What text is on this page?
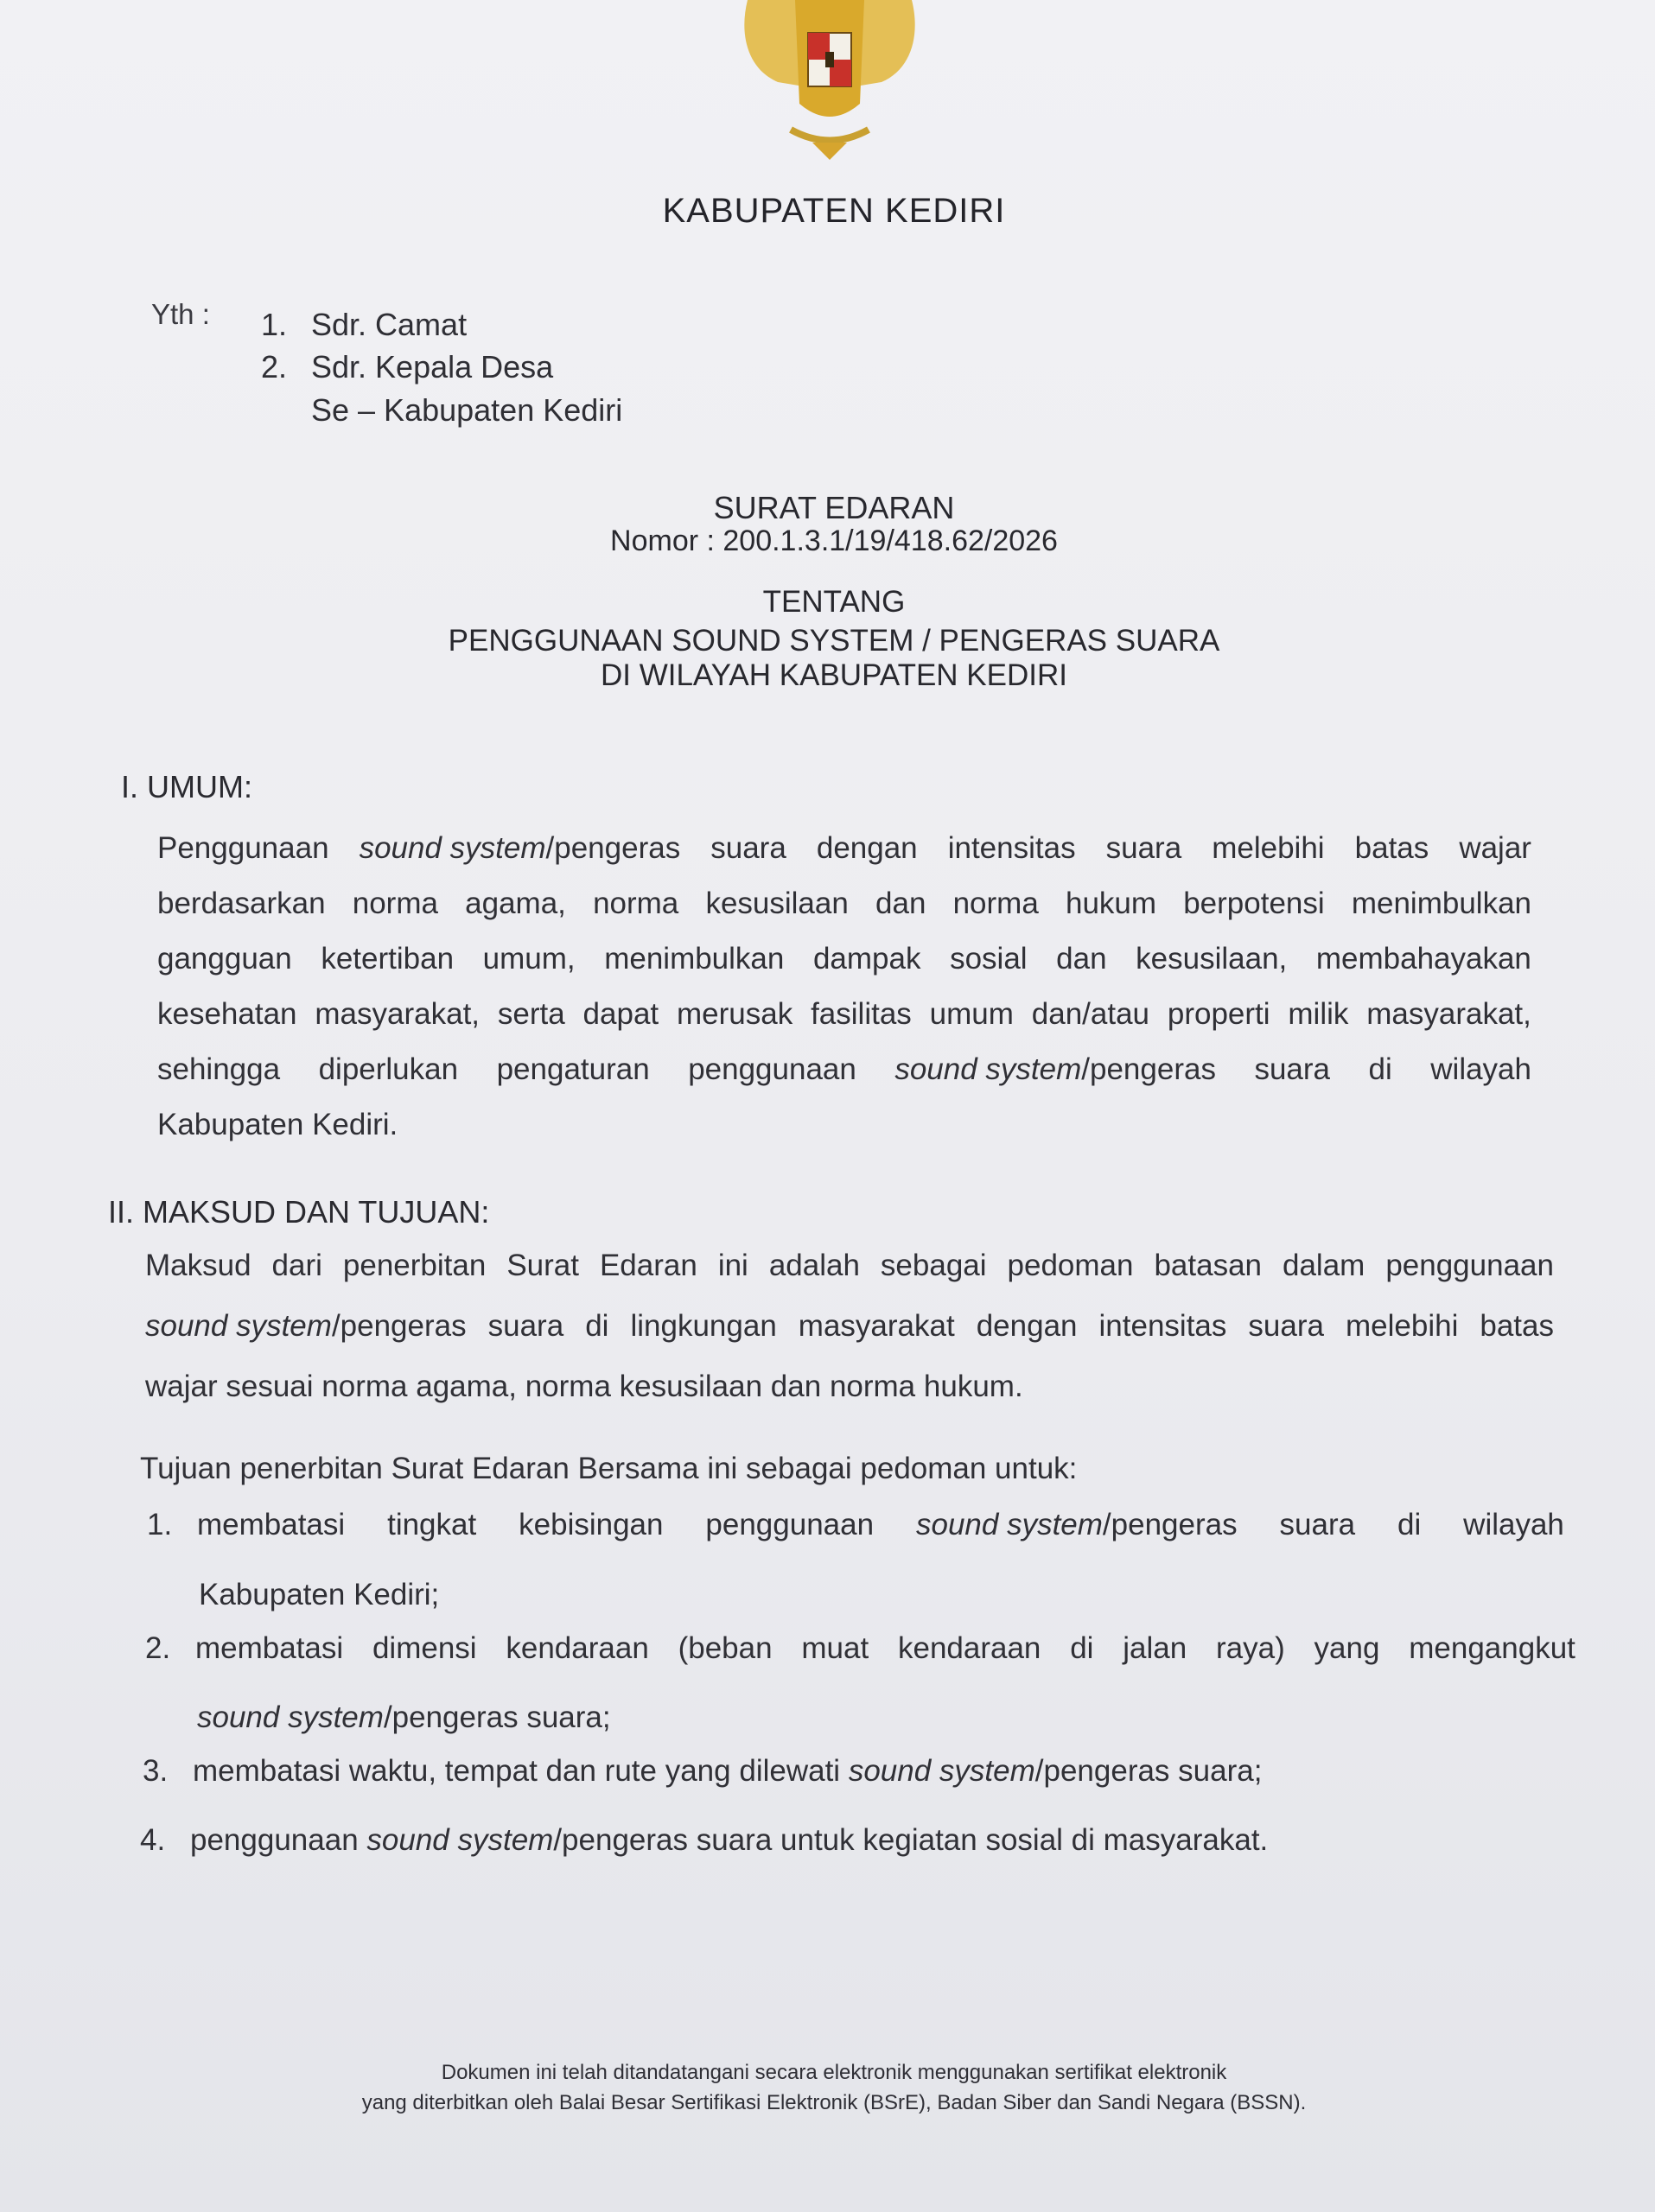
KABUPATEN KEDIRI
Yth : 1. Sdr. Camat
2. Sdr. Kepala Desa
Se – Kabupaten Kediri
SURAT EDARAN
Nomor : 200.1.3.1/19/418.62/2026
TENTANG
PENGGUNAAN SOUND SYSTEM / PENGERAS SUARA
DI WILAYAH KABUPATEN KEDIRI
I. UMUM:
Penggunaan sound system/pengeras suara dengan intensitas suara melebihi batas wajar
berdasarkan norma agama, norma kesusilaan dan norma hukum berpotensi menimbulkan
gangguan ketertiban umum, menimbulkan dampak sosial dan kesusilaan, membahayakan
kesehatan masyarakat, serta dapat merusak fasilitas umum dan/atau properti milik masyarakat,
sehingga diperlukan pengaturan penggunaan sound system/pengeras suara di wilayah
Kabupaten Kediri.
II. MAKSUD DAN TUJUAN:
Maksud dari penerbitan Surat Edaran ini adalah sebagai pedoman batasan dalam penggunaan
sound system/pengeras suara di lingkungan masyarakat dengan intensitas suara melebihi batas
wajar sesuai norma agama, norma kesusilaan dan norma hukum.
Tujuan penerbitan Surat Edaran Bersama ini sebagai pedoman untuk:
1. membatasi tingkat kebisingan penggunaan sound system/pengeras suara di wilayah
Kabupaten Kediri;
2. membatasi dimensi kendaraan (beban muat kendaraan di jalan raya) yang mengangkut
sound system/pengeras suara;
3. membatasi waktu, tempat dan rute yang dilewati sound system/pengeras suara;
4. penggunaan sound system/pengeras suara untuk kegiatan sosial di masyarakat.
Dokumen ini telah ditandatangani secara elektronik menggunakan sertifikat elektronik
yang diterbitkan oleh Balai Besar Sertifikasi Elektronik (BSrE), Badan Siber dan Sandi Negara (BSSN).
